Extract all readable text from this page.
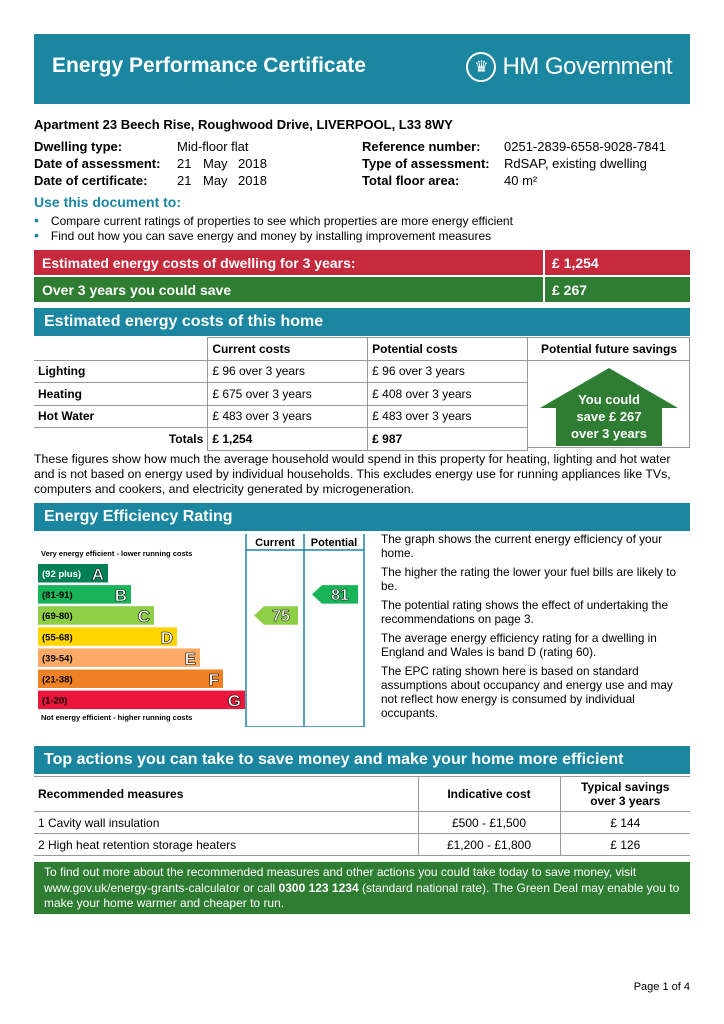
Energy Performance Certificate	♛ HM Government
Apartment 23 Beech Rise, Roughwood Drive, LIVERPOOL, L33 8WY
Dwelling type:	Mid-floor flat
Date of assessment: 21 May 2018
Date of certificate: 21 May 2018
Reference number: 0251-2839-6558-9028-7841
Type of assessment: RdSAP, existing dwelling
Total floor area:	40 m²
Use this document to:
• Compare current ratings of properties to see which properties are more energy efficient
• Find out how you can save energy and money by installing improvement measures
Estimated energy costs of dwelling for 3 years:	£ 1,254
Over 3 years you could save	£ 267
Estimated energy costs of this home
	Current costs	Potential costs
Lighting	£ 96 over 3 years	£ 96 over 3 years
Heating	£ 675 over 3 years	£ 408 over 3 years
Hot Water	£ 483 over 3 years	£ 483 over 3 years
Totals	£ 1,254	£ 987
Potential future savings
You could
save £ 267
over 3 years
These figures show how much the average household would spend in this property for heating, lighting and hot water and is not based on energy used by individual households. This excludes energy use for running appliances like TVs, computers and cookers, and electricity generated by microgeneration.
Energy Efficiency Rating
Current Potential
Very energy efficient - lower running costs
Not energy efficient - higher running costs
(92 plus) A
(81-91) B
(69-80)	C
(55-68)	D
(39-54)	E
(21-38)	F
(1-20)	G
75
81

The graph shows the current energy efficiency of your home.

The higher the rating the lower your fuel bills are likely to be.

The potential rating shows the effect of undertaking the recommendations on page 3.

The average energy efficiency rating for a dwelling in England and Wales is band D (rating 60).

The EPC rating shown here is based on standard assumptions about occupancy and energy use and may not reflect how energy is consumed by individual occupants.

Top actions you can take to save money and make your home more efficient
Recommended measures	Indicative cost	Typical savings
over 3 years

1 Cavity wall insulation	£500 - £1,500	£ 144
2 High heat retention storage heaters	£1,200 - £1,800	£ 126
To find out more about the recommended measures and other actions you could take today to save money, visit www.gov.uk/energy-grants-calculator or call 0300 123 1234 (standard national rate). The Green Deal may enable you to make your home warmer and cheaper to run.
Page 1 of 4
